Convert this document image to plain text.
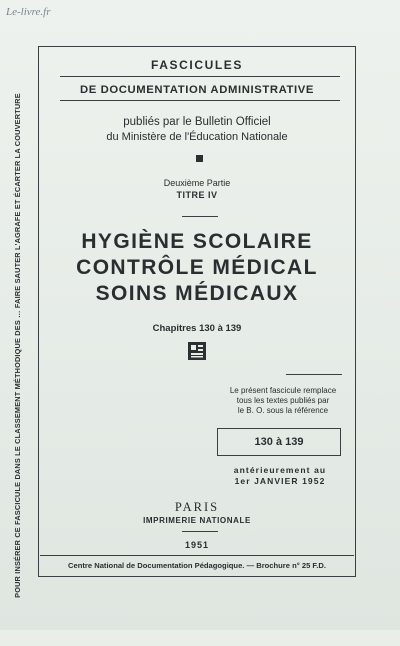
Le-livre.fr
POUR INSÉRER CE FASCICULE DANS LE CLASSEMENT MÉTHODIQUE DES … FAIRE SAUTER L'AGRAFE ET ÉCARTER LA COUVERTURE
FASCICULES
DE DOCUMENTATION ADMINISTRATIVE
publiés par le Bulletin Officiel
du Ministère de l'Éducation Nationale
Deuxième Partie
TITRE IV
HYGIÈNE SCOLAIRE
CONTRÔLE MÉDICAL
SOINS MÉDICAUX
Chapitres 130 à 139
Le présent fascicule remplace
tous les textes publiés par
le B. O. sous la référence
130 à 139
antérieurement au
1er JANVIER 1952
PARIS
IMPRIMERIE NATIONALE
1951
Centre National de Documentation Pédagogique. — Brochure n° 25 F.D.
